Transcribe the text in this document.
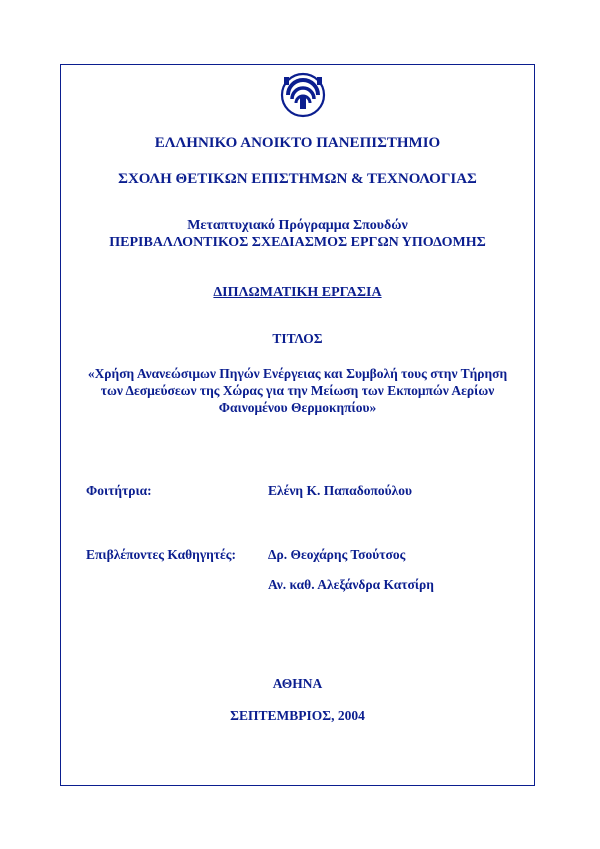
ΕΛΛΗΝΙΚΟ ΑΝΟΙΚΤΟ ΠΑΝΕΠΙΣΤΗΜΙΟ
ΣΧΟΛΗ ΘΕΤΙΚΩΝ ΕΠΙΣΤΗΜΩΝ & ΤΕΧΝΟΛΟΓΙΑΣ
Μεταπτυχιακό Πρόγραμμα Σπουδών
ΠΕΡΙΒΑΛΛΟΝΤΙΚΟΣ ΣΧΕΔΙΑΣΜΟΣ ΕΡΓΩΝ ΥΠΟΔΟΜΗΣ
ΔΙΠΛΩΜΑΤΙΚΗ ΕΡΓΑΣΙΑ
ΤΙΤΛΟΣ
«Χρήση Ανανεώσιμων Πηγών Ενέργειας και Συμβολή τους στην Τήρηση
των Δεσμεύσεων της Χώρας για την Μείωση των Εκπομπών Αερίων
Φαινομένου Θερμοκηπίου»
Φοιτήτρια:	Ελένη Κ. Παπαδοπούλου
Επιβλέποντες Καθηγητές: Δρ. Θεοχάρης Τσούτσος
Αν. καθ. Αλεξάνδρα Κατσίρη
ΑΘΗΝΑ
ΣΕΠΤΕΜΒΡΙΟΣ, 2004
